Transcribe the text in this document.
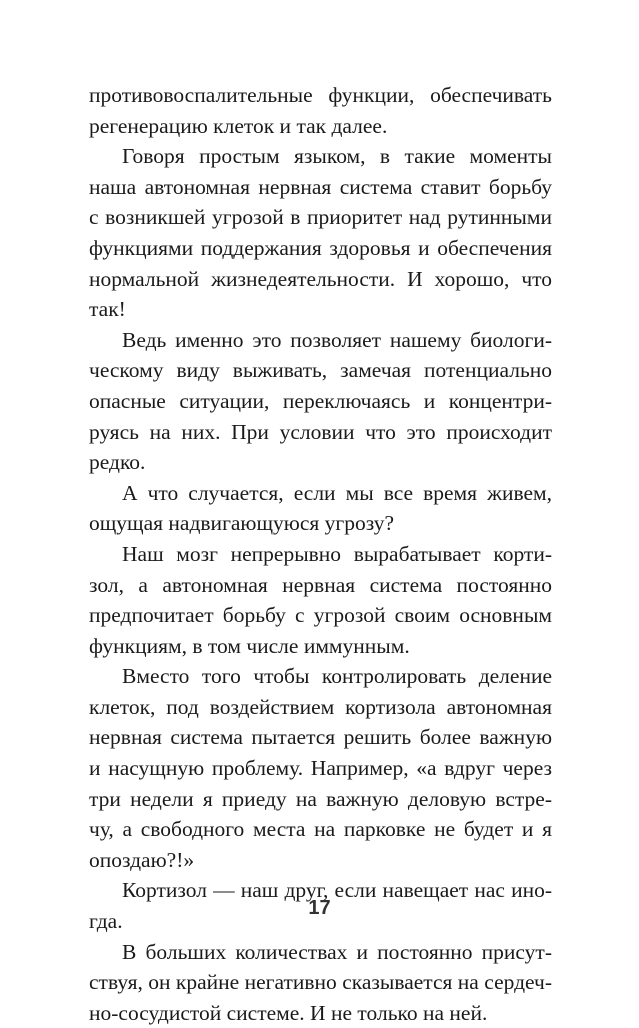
противовоспалительные функции, обеспечивать
регенерацию клеток и так далее.
Говоря простым языком, в такие моменты
наша автономная нервная система ставит борьбу
с возникшей угрозой в приоритет над рутинными
функциями поддержания здоровья и обеспечения
нормальной жизнедеятельности. И хорошо, что
так!
Ведь именно это позволяет нашему биологи-
ческому виду выживать, замечая потенциально
опасные ситуации, переключаясь и концентри-
руясь на них. При условии что это происходит
редко.
А что случается, если мы все время живем,
ощущая надвигающуюся угрозу?
Наш мозг непрерывно вырабатывает корти-
зол, а автономная нервная система постоянно
предпочитает борьбу с угрозой своим основным
функциям, в том числе иммунным.
Вместо того чтобы контролировать деление
клеток, под воздействием кортизола автономная
нервная система пытается решить более важную
и насущную проблему. Например, «а вдруг через
три недели я приеду на важную деловую встре-
чу, а свободного места на парковке не будет и я
опоздаю?!»
Кортизол — наш друг, если навещает нас ино-
гда.
В больших количествах и постоянно присут-
ствуя, он крайне негативно сказывается на сердеч-
но-сосудистой системе. И не только на ней.
17
